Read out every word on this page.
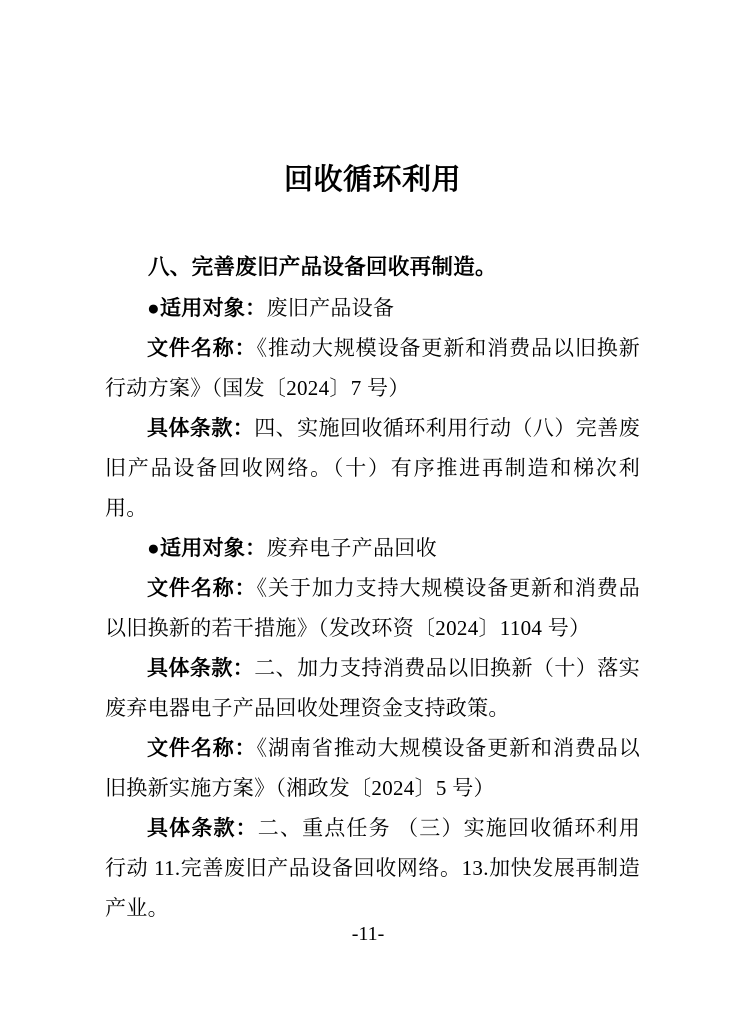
回收循环利用
八、完善废旧产品设备回收再制造。

●适用对象：废旧产品设备

文件名称：《推动大规模设备更新和消费品以旧换新行动方案》（国发〔2024〕7 号）

具体条款：四、实施回收循环利用行动（八）完善废旧产品设备回收网络。（十）有序推进再制造和梯次利用。

●适用对象：废弃电子产品回收

文件名称：《关于加力支持大规模设备更新和消费品以旧换新的若干措施》（发改环资〔2024〕1104 号）

具体条款：二、加力支持消费品以旧换新（十）落实废弃电器电子产品回收处理资金支持政策。

文件名称：《湖南省推动大规模设备更新和消费品以旧换新实施方案》（湘政发〔2024〕5 号）

具体条款：二、重点任务 （三）实施回收循环利用行动 11.完善废旧产品设备回收网络。13.加快发展再制造产业。

-11-
